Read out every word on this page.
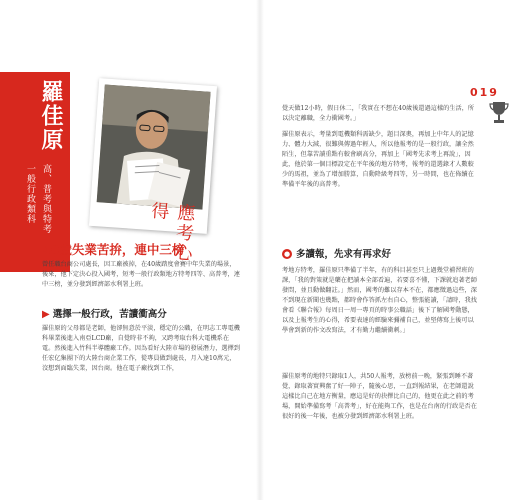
羅佳原
高、普考與特考
一般行政類科
應考心得
40歲失業苦拚，連中三榜
曾任職台商公司處長，因工廠被掉，在40歲踏度會賽中年失業的場景，後來，他下定決心投入國考，短考一般行政類地方特考四等、高普考，連中三榜，並分發到經濟部水利署上班。
▶ 選擇一般行政，苦讀衝高分
羅佳原的父母都是老師，他卻無意於平淡，穩定的公職，在明志工專電機科畢業後進入南亞LCD廠，自覺時非不夠，又跨考取台科大電機系在電。然後進入竹科半導體廠工作。因為看好大陸市場的發展潛力，選擇到任宏亿集團下的大陸台商企業工作，從專員做到處長，月入達10萬元，沒想到面臨失業，因台商。他在電子廠找到工作，
019
覺天做12小時，假日休二，「我實在不想在40歲後還過這樣的生活，所以決定離職，全力衝國考。」
羅佳原表示，考量到電機類科需缺少，題目深奧，再加上中年人的記憶力、體力大減，很難與傳過年輕人，所以他報考的是一般行政，讓全然陌生，但靠苦讀重點有較會刷高分，再加上「國考先求考上再說」，因此，他於第一個目標設定在平年後的地方特考，報考的還選錄才人數較少的馬祖，並為了增加勝算，自動降級考四等，另一時間，也在佈續在準備平年後的高普考。
● 多讀報，先求有再求好
考地方特考，羅佳原只準備了半年，有的科目甚至只上過幾堂補習班的課，「我的對策就是藥在把讀本全部看遍，若要喜不懂，下課就追著老師發問，並且動做翻註。」然而，國考的難以存本不在，都應徵過這些，深不到現在新聞也幾點，都時會作答抓左右自心，整張能讀，「請時，我找會看《聯合報》每周日一周一專頁的時事公職話」後下了解國考動態，以及上報考生的心得，希要表達的經驗來彌補自己，並堅傳寫上後可以學會到新的作文改寫法，才有勤力繼續衝刺。」
羅佳原考的地特只錄取1人，共50人報考，放榜前一晚，緊張到睡不著覺，錄取著實興奮了好一陣子，隨後心思，一直到報結果，在老師還說這樣比自己在地方衡量，應這是好的抉擇比自己的，他更在此之前的考場，開始準備寫考「高普考」，好在能夠工作，也是在台南的行政是否在很好的後一年後，也被分發到經濟部水利署上班。
